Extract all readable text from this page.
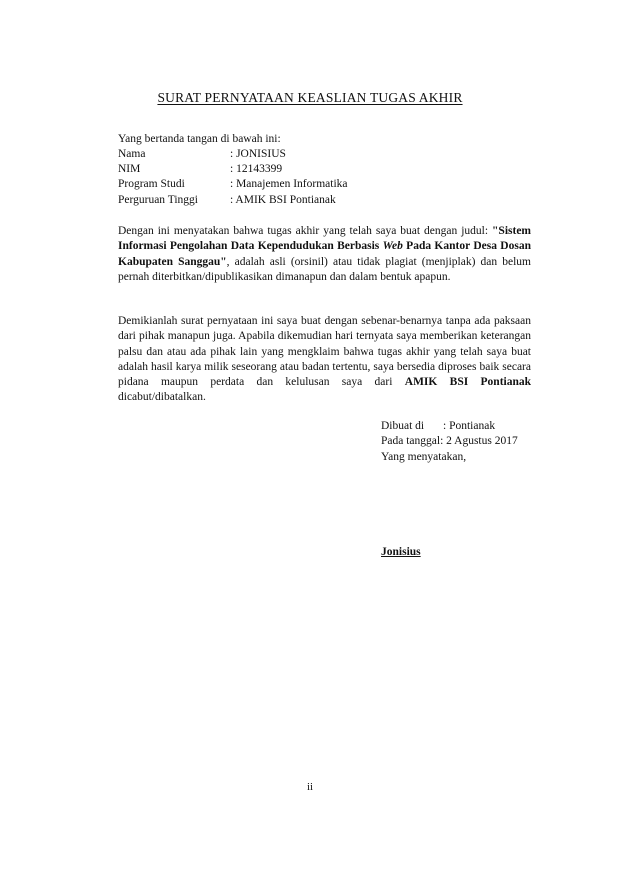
SURAT PERNYATAAN KEASLIAN TUGAS AKHIR
Yang bertanda tangan di bawah ini:
Nama	: JONISIUS
NIM	: 12143399
Program Studi	: Manajemen Informatika
Perguruan Tinggi	: AMIK BSI Pontianak
Dengan ini menyatakan bahwa tugas akhir yang telah saya buat dengan judul: "Sistem Informasi Pengolahan Data Kependudukan Berbasis Web Pada Kantor Desa Dosan Kabupaten Sanggau", adalah asli (orsinil) atau tidak plagiat (menjiplak) dan belum pernah diterbitkan/dipublikasikan dimanapun dan dalam bentuk apapun.
Demikianlah surat pernyataan ini saya buat dengan sebenar-benarnya tanpa ada paksaan dari pihak manapun juga. Apabila dikemudian hari ternyata saya memberikan keterangan palsu dan atau ada pihak lain yang mengklaim bahwa tugas akhir yang telah saya buat adalah hasil karya milik seseorang atau badan tertentu, saya bersedia diproses baik secara pidana maupun perdata dan kelulusan saya dari AMIK BSI Pontianak dicabut/dibatalkan.
Dibuat di	: Pontianak
Pada tanggal: 2 Agustus 2017
Yang menyatakan,
Jonisius
ii
